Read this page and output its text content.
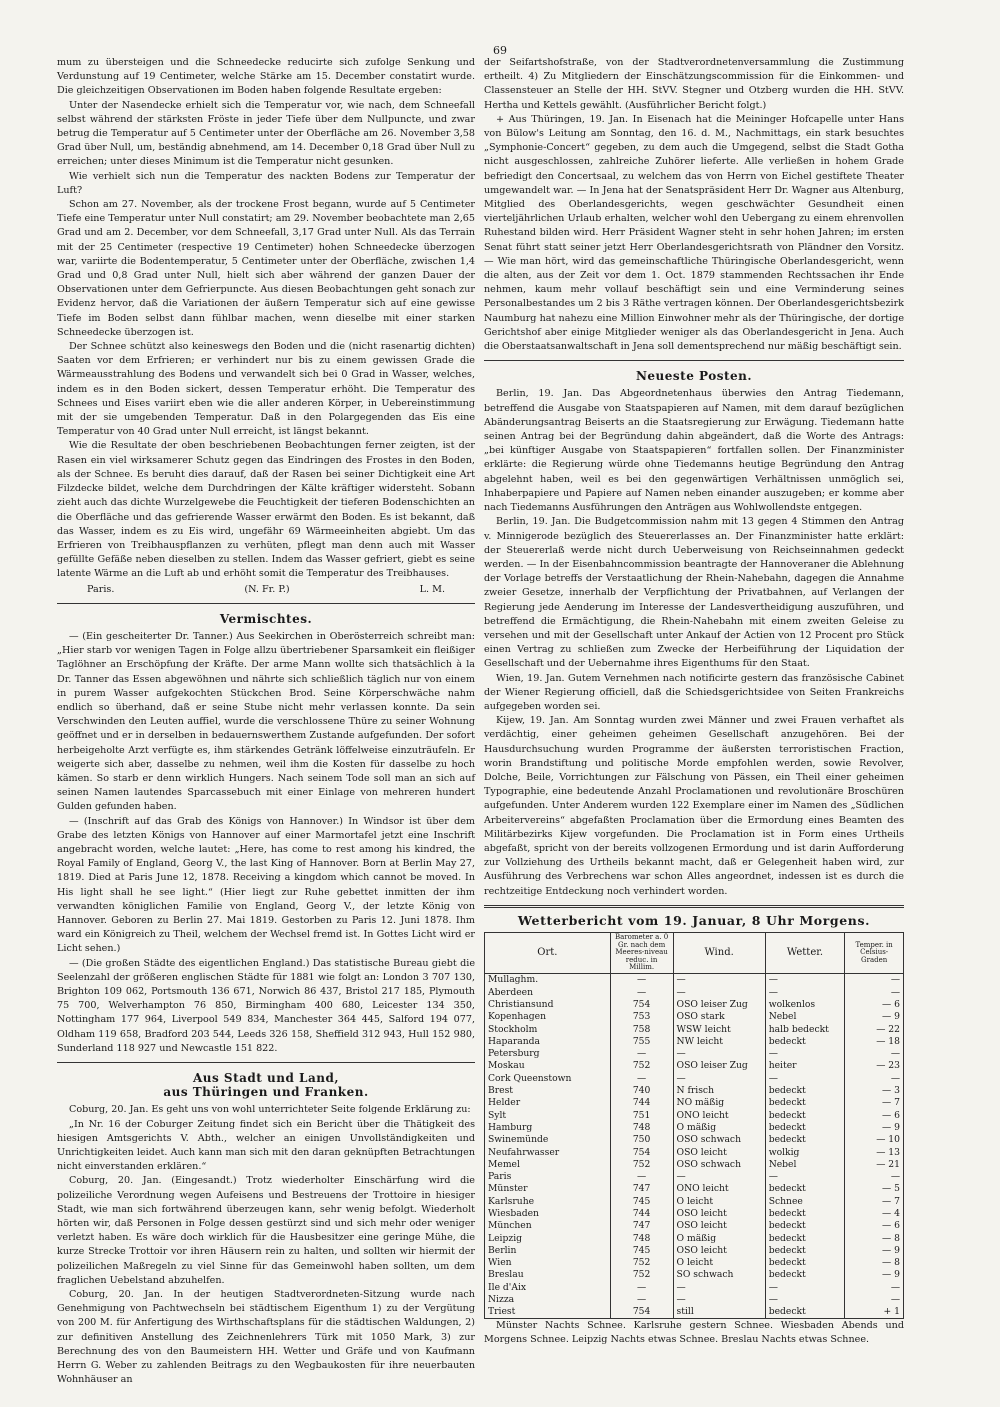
69

mum zu übersteigen und die Schneedecke reducirte sich zufolge Senkung und Verdunstung auf 19 Centimeter, welche Stärke am 15. December constatirt wurde. Die gleichzeitigen Observationen im Boden haben folgende Resultate ergeben:

Unter der Nasendecke erhielt sich die Temperatur vor, wie nach, dem Schneefall selbst während der stärksten Fröste in jeder Tiefe über dem Nullpuncte, und zwar betrug die Temperatur auf 5 Centimeter unter der Oberfläche am 26. November 3,58 Grad über Null, um, beständig abnehmend, am 14. December 0,18 Grad über Null zu erreichen; unter dieses Minimum ist die Temperatur nicht gesunken.

Wie verhielt sich nun die Temperatur des nackten Bodens zur Temperatur der Luft?

Schon am 27. November, als der trockene Frost begann, wurde auf 5 Centimeter Tiefe eine Temperatur unter Null constatirt; am 29. November beobachtete man 2,65 Grad und am 2. December, vor dem Schneefall, 3,17 Grad unter Null. Als das Terrain mit der 25 Centimeter (respective 19 Centimeter) hohen Schneedecke überzogen war, variirte die Bodentemperatur, 5 Centimeter unter der Oberfläche, zwischen 1,4 Grad und 0,8 Grad unter Null, hielt sich aber während der ganzen Dauer der Observationen unter dem Gefrierpuncte. Aus diesen Beobachtungen geht sonach zur Evidenz hervor, daß die Variationen der äußern Temperatur sich auf eine gewisse Tiefe im Boden selbst dann fühlbar machen, wenn dieselbe mit einer starken Schneedecke überzogen ist.

Der Schnee schützt also keineswegs den Boden und die (nicht rasenartig dichten) Saaten vor dem Erfrieren; er verhindert nur bis zu einem gewissen Grade die Wärmeausstrahlung des Bodens und verwandelt sich bei 0 Grad in Wasser, welches, indem es in den Boden sickert, dessen Temperatur erhöht. Die Temperatur des Schnees und Eises variirt eben wie die aller anderen Körper, in Uebereinstimmung mit der sie umgebenden Temperatur. Daß in den Polargegenden das Eis eine Temperatur von 40 Grad unter Null erreicht, ist längst bekannt.

Wie die Resultate der oben beschriebenen Beobachtungen ferner zeigten, ist der Rasen ein viel wirksamerer Schutz gegen das Eindringen des Frostes in den Boden, als der Schnee. Es beruht dies darauf, daß der Rasen bei seiner Dichtigkeit eine Art Filzdecke bildet, welche dem Durchdringen der Kälte kräftiger widersteht. Sobann zieht auch das dichte Wurzelgewebe die Feuchtigkeit der tieferen Bodenschichten an die Oberfläche und das gefrierende Wasser erwärmt den Boden. Es ist bekannt, daß das Wasser, indem es zu Eis wird, ungefähr 69 Wärmeeinheiten abgiebt. Um das Erfrieren von Treibhauspflanzen zu verhüten, pflegt man denn auch mit Wasser gefüllte Gefäße neben dieselben zu stellen. Indem das Wasser gefriert, giebt es seine latente Wärme an die Luft ab und erhöht somit die Temperatur des Treibhauses.

Paris.	(N. Fr. P.)	L. M.
Vermischtes.

— (Ein gescheiterter Dr. Tanner.) Aus Seekirchen in Oberösterreich schreibt man: „Hier starb vor wenigen Tagen in Folge allzu übertriebener Sparsamkeit ein fleißiger Taglöhner an Erschöpfung der Kräfte. Der arme Mann wollte sich thatsächlich à la Dr. Tanner das Essen abgewöhnen und nährte sich schließlich täglich nur von einem in purem Wasser aufgekochten Stückchen Brod. Seine Körperschwäche nahm endlich so überhand, daß er seine Stube nicht mehr verlassen konnte. Da sein Verschwinden den Leuten auffiel, wurde die verschlossene Thüre zu seiner Wohnung geöffnet und er in derselben in bedauernswerthem Zustande aufgefunden. Der sofort herbeigeholte Arzt verfügte es, ihm stärkendes Getränk löffelweise einzuträufeln. Er weigerte sich aber, dasselbe zu nehmen, weil ihm die Kosten für dasselbe zu hoch kämen. So starb er denn wirklich Hungers. Nach seinem Tode soll man an sich auf seinen Namen lautendes Sparcassebuch mit einer Einlage von mehreren hundert Gulden gefunden haben.

— (Inschrift auf das Grab des Königs von Hannover.) In Windsor ist über dem Grabe des letzten Königs von Hannover auf einer Marmortafel jetzt eine Inschrift angebracht worden, welche lautet: „Here, has come to rest among his kindred, the Royal Family of England, Georg V., the last King of Hannover. Born at Berlin May 27, 1819. Died at Paris June 12, 1878. Receiving a kingdom which cannot be moved. In His light shall he see light.“ (Hier liegt zur Ruhe gebettet inmitten der ihm verwandten königlichen Familie von England, Georg V., der letzte König von Hannover. Geboren zu Berlin 27. Mai 1819. Gestorben zu Paris 12. Juni 1878. Ihm ward ein Königreich zu Theil, welchem der Wechsel fremd ist. In Gottes Licht wird er Licht sehen.)

— (Die großen Städte des eigentlichen England.) Das statistische Bureau giebt die Seelenzahl der größeren englischen Städte für 1881 wie folgt an: London 3 707 130, Brighton 109 062, Portsmouth 136 671, Norwich 86 437, Bristol 217 185, Plymouth 75 700, Welverhampton 76 850, Birmingham 400 680, Leicester 134 350, Nottingham 177 964, Liverpool 549 834, Manchester 364 445, Salford 194 077, Oldham 119 658, Bradford 203 544, Leeds 326 158, Sheffield 312 943, Hull 152 980, Sunderland 118 927 und Newcastle 151 822.

Aus Stadt und Land,
aus Thüringen und Franken.

Coburg, 20. Jan. Es geht uns von wohl unterrichteter Seite folgende Erklärung zu:

„In Nr. 16 der Coburger Zeitung findet sich ein Bericht über die Thätigkeit des hiesigen Amtsgerichts V. Abth., welcher an einigen Unvollständigkeiten und Unrichtigkeiten leidet. Auch kann man sich mit den daran geknüpften Betrachtungen nicht einverstanden erklären.“

Coburg, 20. Jan. (Eingesandt.) Trotz wiederholter Einschärfung wird die polizeiliche Verordnung wegen Aufeisens und Bestreuens der Trottoire in hiesiger Stadt, wie man sich fortwährend überzeugen kann, sehr wenig befolgt. Wiederholt hörten wir, daß Personen in Folge dessen gestürzt sind und sich mehr oder weniger verletzt haben. Es wäre doch wirklich für die Hausbesitzer eine geringe Mühe, die kurze Strecke Trottoir vor ihren Häusern rein zu halten, und sollten wir hiermit der polizeilichen Maßregeln zu viel Sinne für das Gemeinwohl haben sollten, um dem fraglichen Uebelstand abzuhelfen.

Coburg, 20. Jan. In der heutigen Stadtverordneten-Sitzung wurde nach Genehmigung von Pachtwechseln bei städtischem Eigenthum 1) zu der Vergütung von 200 M. für Anfertigung des Wirthschaftsplans für die städtischen Waldungen, 2) zur definitiven Anstellung des Zeichnenlehrers Türk mit 1050 Mark, 3) zur Berechnung des von den Baumeistern HH. Wetter und Gräfe und von Kaufmann Herrn G. Weber zu zahlenden Beitrags zu den Wegbaukosten für ihre neuerbauten Wohnhäuser an

der Seifartshofstraße, von der Stadtverordnetenversammlung die Zustimmung ertheilt. 4) Zu Mitgliedern der Einschätzungscommission für die Einkommen- und Classensteuer an Stelle der HH. StVV. Stegner und Otzberg wurden die HH. StVV. Hertha und Kettels gewählt. (Ausführlicher Bericht folgt.)

+ Aus Thüringen, 19. Jan. In Eisenach hat die Meininger Hofcapelle unter Hans von Bülow's Leitung am Sonntag, den 16. d. M., Nachmittags, ein stark besuchtes „Symphonie-Concert“ gegeben, zu dem auch die Umgegend, selbst die Stadt Gotha nicht ausgeschlossen, zahlreiche Zuhörer lieferte. Alle verließen in hohem Grade befriedigt den Concertsaal, zu welchem das von Herrn von Eichel gestiftete Theater umgewandelt war. — In Jena hat der Senatspräsident Herr Dr. Wagner aus Altenburg, Mitglied des Oberlandesgerichts, wegen geschwächter Gesundheit einen vierteljährlichen Urlaub erhalten, welcher wohl den Uebergang zu einem ehrenvollen Ruhestand bilden wird. Herr Präsident Wagner steht in sehr hohen Jahren; im ersten Senat führt statt seiner jetzt Herr Oberlandesgerichtsrath von Pländner den Vorsitz. — Wie man hört, wird das gemeinschaftliche Thüringische Oberlandesgericht, wenn die alten, aus der Zeit vor dem 1. Oct. 1879 stammenden Rechtssachen ihr Ende nehmen, kaum mehr vollauf beschäftigt sein und eine Verminderung seines Personalbestandes um 2 bis 3 Räthe vertragen können. Der Oberlandesgerichtsbezirk Naumburg hat nahezu eine Million Einwohner mehr als der Thüringische, der dortige Gerichtshof aber einige Mitglieder weniger als das Oberlandesgericht in Jena. Auch die Oberstaatsanwaltschaft in Jena soll dementsprechend nur mäßig beschäftigt sein.

Neueste Posten.

Berlin, 19. Jan. Das Abgeordnetenhaus überwies den Antrag Tiedemann, betreffend die Ausgabe von Staatspapieren auf Namen, mit dem darauf bezüglichen Abänderungsantrag Beiserts an die Staatsregierung zur Erwägung. Tiedemann hatte seinen Antrag bei der Begründung dahin abgeändert, daß die Worte des Antrags: „bei künftiger Ausgabe von Staatspapieren“ fortfallen sollen. Der Finanzminister erklärte: die Regierung würde ohne Tiedemanns heutige Begründung den Antrag abgelehnt haben, weil es bei den gegenwärtigen Verhältnissen unmöglich sei, Inhaberpapiere und Papiere auf Namen neben einander auszugeben; er komme aber nach Tiedemanns Ausführungen den Anträgen aus Wohlwollendste entgegen.

Berlin, 19. Jan. Die Budgetcommission nahm mit 13 gegen 4 Stimmen den Antrag v. Minnigerode bezüglich des Steuererlasses an. Der Finanzminister hatte erklärt: der Steuererlaß werde nicht durch Ueberweisung von Reichseinnahmen gedeckt werden. — In der Eisenbahncommission beantragte der Hannoveraner die Ablehnung der Vorlage betreffs der Verstaatlichung der Rhein-Nahebahn, dagegen die Annahme zweier Gesetze, innerhalb der Verpflichtung der Privatbahnen, auf Verlangen der Regierung jede Aenderung im Interesse der Landesvertheidigung auszuführen, und betreffend die Ermächtigung, die Rhein-Nahebahn mit einem zweiten Geleise zu versehen und mit der Gesellschaft unter Ankauf der Actien von 12 Procent pro Stück einen Vertrag zu schließen zum Zwecke der Herbeiführung der Liquidation der Gesellschaft und der Uebernahme ihres Eigenthums für den Staat.

Wien, 19. Jan. Gutem Vernehmen nach notificirte gestern das französische Cabinet der Wiener Regierung officiell, daß die Schiedsgerichtsidee von Seiten Frankreichs aufgegeben worden sei.

Kijew, 19. Jan. Am Sonntag wurden zwei Männer und zwei Frauen verhaftet als verdächtig, einer geheimen geheimen Gesellschaft anzugehören. Bei der Hausdurchsuchung wurden Programme der äußersten terroristischen Fraction, worin Brandstiftung und politische Morde empfohlen werden, sowie Revolver, Dolche, Beile, Vorrichtungen zur Fälschung von Pässen, ein Theil einer geheimen Typographie, eine bedeutende Anzahl Proclamationen und revolutionäre Broschüren aufgefunden. Unter Anderem wurden 122 Exemplare einer im Namen des „Südlichen Arbeitervereins“ abgefaßten Proclamation über die Ermordung eines Beamten des Militärbezirks Kijew vorgefunden. Die Proclamation ist in Form eines Urtheils abgefaßt, spricht von der bereits vollzogenen Ermordung und ist darin Aufforderung zur Vollziehung des Urtheils bekannt macht, daß er Gelegenheit haben wird, zur Ausführung des Verbrechens war schon Alles angeordnet, indessen ist es durch die rechtzeitige Entdeckung noch verhindert worden.

Wetterbericht vom 19. Januar, 8 Uhr Morgens.
Ort.	Barometer a. 0 Gr. nach dem Meeres-niveau reduc. in Millim.	Wind.	Wetter.	Temper. in Celsius-Graden
Mullaghm.	—	—	—	—
Aberdeen	—	—	—	—
Christiansund	754	OSO leiser Zug	wolkenlos	— 6
Kopenhagen	753	OSO stark	Nebel	— 9
Stockholm	758	WSW leicht	halb bedeckt	— 22
Haparanda	755	NW leicht	bedeckt	— 18
Petersburg	—	—	—	—
Moskau	752	OSO leiser Zug	heiter	— 23
Cork Queenstown	—	—	—	—
Brest	740	N frisch	bedeckt	— 3
Helder	744	NO mäßig	bedeckt	— 7
Sylt	751	ONO leicht	bedeckt	— 6
Hamburg	748	O mäßig	bedeckt	— 9
Swinemünde	750	OSO schwach	bedeckt	— 10
Neufahrwasser	754	OSO leicht	wolkig	— 13
Memel	752	OSO schwach	Nebel	— 21
Paris	—	—	—	—
Münster	747	ONO leicht	bedeckt	— 5
Karlsruhe	745	O leicht	Schnee	— 7
Wiesbaden	744	OSO leicht	bedeckt	— 4
München	747	OSO leicht	bedeckt	— 6
Leipzig	748	O mäßig	bedeckt	— 8
Berlin	745	OSO leicht	bedeckt	— 9
Wien	752	O leicht	bedeckt	— 8
Breslau	752	SO schwach	bedeckt	— 9
Ile d'Aix	—	—	—	—
Nizza	—	—	—	—
Triest	754	still	bedeckt	+ 1

Münster Nachts Schnee. Karlsruhe gestern Schnee. Wiesbaden Abends und Morgens Schnee. Leipzig Nachts etwas Schnee. Breslau Nachts etwas Schnee.
